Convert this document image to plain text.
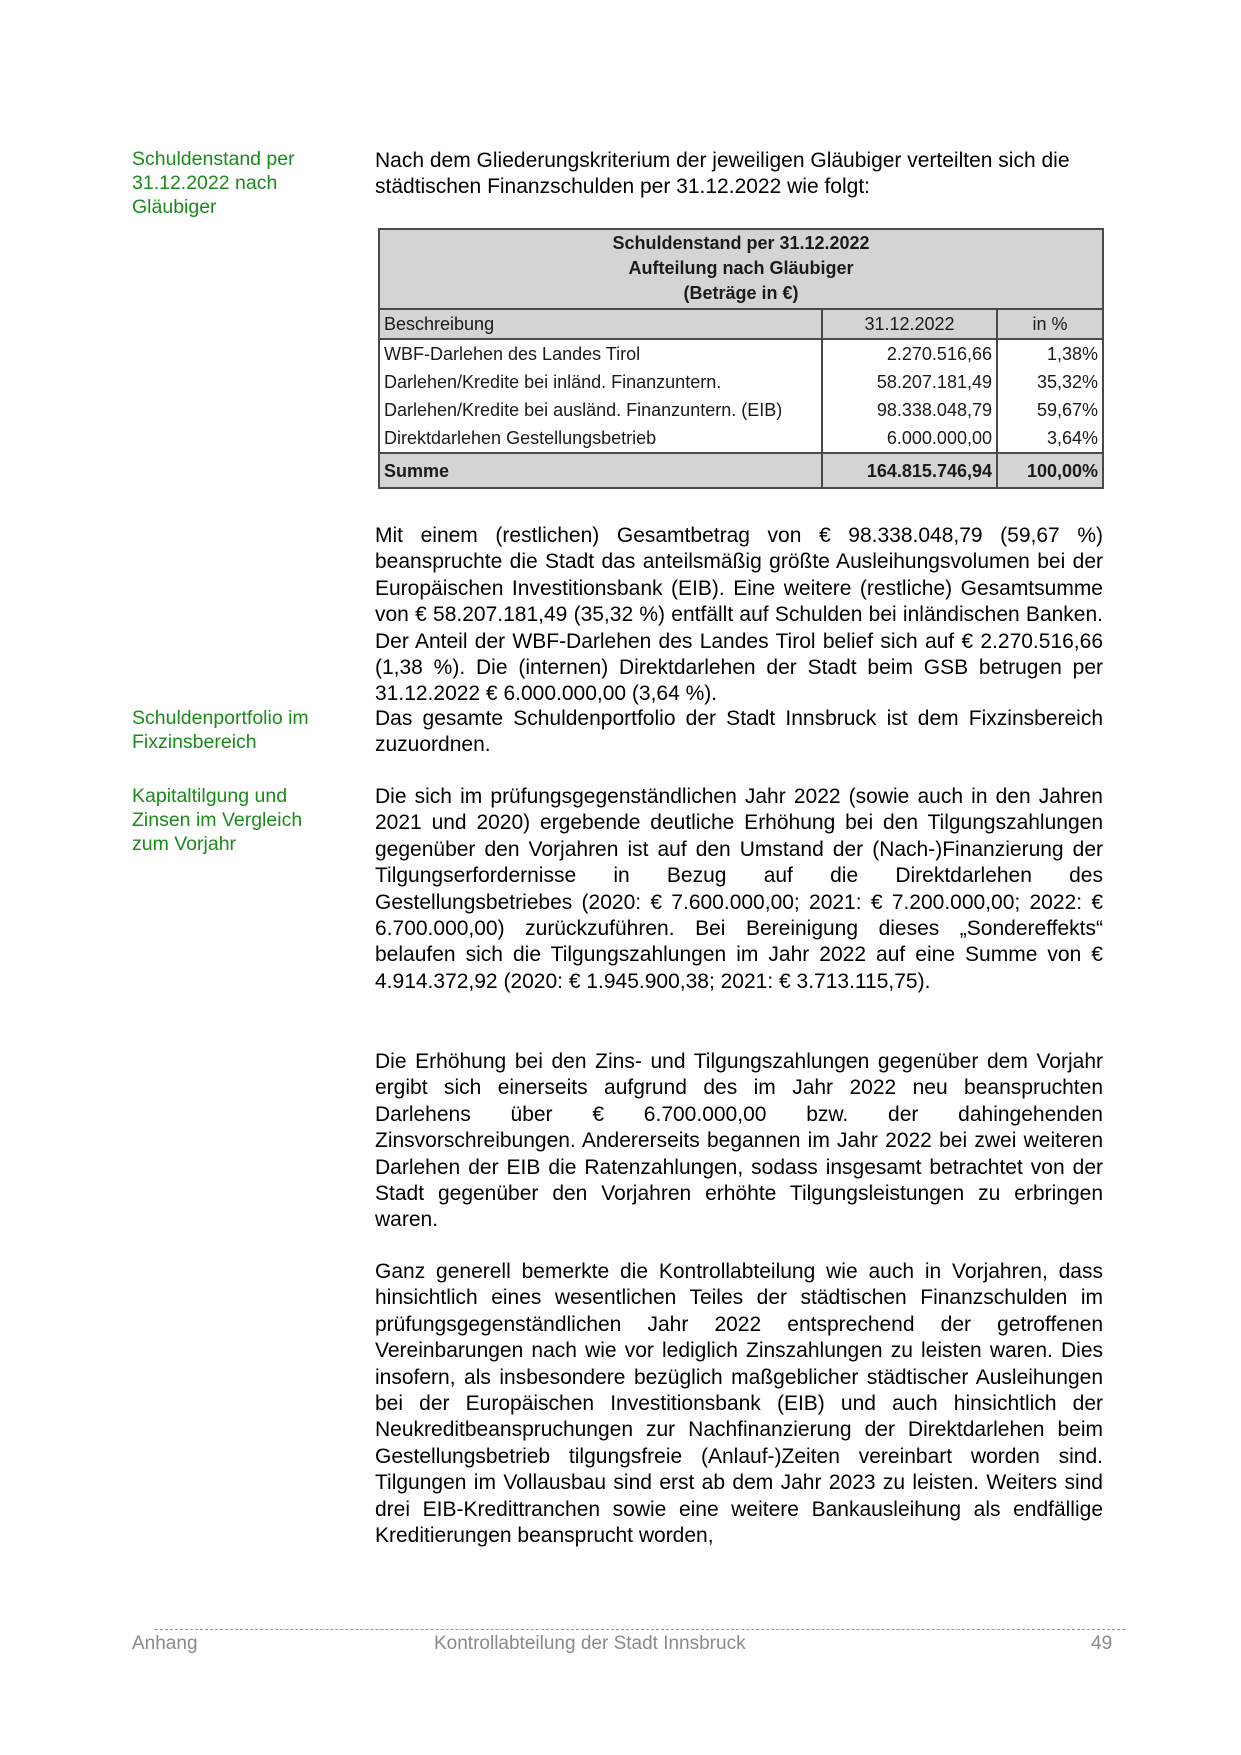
Schuldenstand per 31.12.2022 nach Gläubiger

Schuldenportfolio im Fixzinsbereich

Kapitaltilgung und Zinsen im Vergleich zum Vorjahr

Nach dem Gliederungskriterium der jeweiligen Gläubiger verteilten sich die städtischen Finanzschulden per 31.12.2022 wie folgt:

Schuldenstand per 31.12.2022
Aufteilung nach Gläubiger
(Beträge in €)
Beschreibung	31.12.2022	in %
WBF-Darlehen des Landes Tirol	2.270.516,66	1,38%
Darlehen/Kredite bei inländ. Finanzuntern.	58.207.181,49	35,32%
Darlehen/Kredite bei ausländ. Finanzuntern. (EIB)	98.338.048,79	59,67%
Direktdarlehen Gestellungsbetrieb	6.000.000,00	3,64%
Summe	164.815.746,94	100,00%

Mit einem (restlichen) Gesamtbetrag von € 98.338.048,79 (59,67 %) beanspruchte die Stadt das anteilsmäßig größte Ausleihungsvolumen bei der Europäischen Investitionsbank (EIB). Eine weitere (restliche) Gesamtsumme von € 58.207.181,49 (35,32 %) entfällt auf Schulden bei inländischen Banken. Der Anteil der WBF-Darlehen des Landes Tirol belief sich auf € 2.270.516,66 (1,38 %). Die (internen) Direktdarlehen der Stadt beim GSB betrugen per 31.12.2022 € 6.000.000,00 (3,64 %).

Das gesamte Schuldenportfolio der Stadt Innsbruck ist dem Fixzinsbereich zuzuordnen.

Die sich im prüfungsgegenständlichen Jahr 2022 (sowie auch in den Jahren 2021 und 2020) ergebende deutliche Erhöhung bei den Tilgungszahlungen gegenüber den Vorjahren ist auf den Umstand der (Nach-)Finanzierung der Tilgungserfordernisse in Bezug auf die Direktdarlehen des Gestellungsbetriebes (2020: € 7.600.000,00; 2021: € 7.200.000,00; 2022: € 6.700.000,00) zurückzuführen. Bei Bereinigung dieses „Sondereffekts“ belaufen sich die Tilgungszahlungen im Jahr 2022 auf eine Summe von € 4.914.372,92 (2020: € 1.945.900,38; 2021: € 3.713.115,75).

Die Erhöhung bei den Zins- und Tilgungszahlungen gegenüber dem Vorjahr ergibt sich einerseits aufgrund des im Jahr 2022 neu beanspruchten Darlehens über € 6.700.000,00 bzw. der dahingehenden Zinsvorschreibungen. Andererseits begannen im Jahr 2022 bei zwei weiteren Darlehen der EIB die Ratenzahlungen, sodass insgesamt betrachtet von der Stadt gegenüber den Vorjahren erhöhte Tilgungsleistungen zu erbringen waren.

Ganz generell bemerkte die Kontrollabteilung wie auch in Vorjahren, dass hinsichtlich eines wesentlichen Teiles der städtischen Finanzschulden im prüfungsgegenständlichen Jahr 2022 entsprechend der getroffenen Vereinbarungen nach wie vor lediglich Zinszahlungen zu leisten waren. Dies insofern, als insbesondere bezüglich maßgeblicher städtischer Ausleihungen bei der Europäischen Investitionsbank (EIB) und auch hinsichtlich der Neukreditbeanspruchungen zur Nachfinanzierung der Direktdarlehen beim Gestellungsbetrieb tilgungsfreie (Anlauf-)Zeiten vereinbart worden sind. Tilgungen im Vollausbau sind erst ab dem Jahr 2023 zu leisten. Weiters sind drei EIB-Kredittranchen sowie eine weitere Bankausleihung als endfällige Kreditierungen beansprucht worden,

Anhang	Kontrollabteilung der Stadt Innsbruck	49
